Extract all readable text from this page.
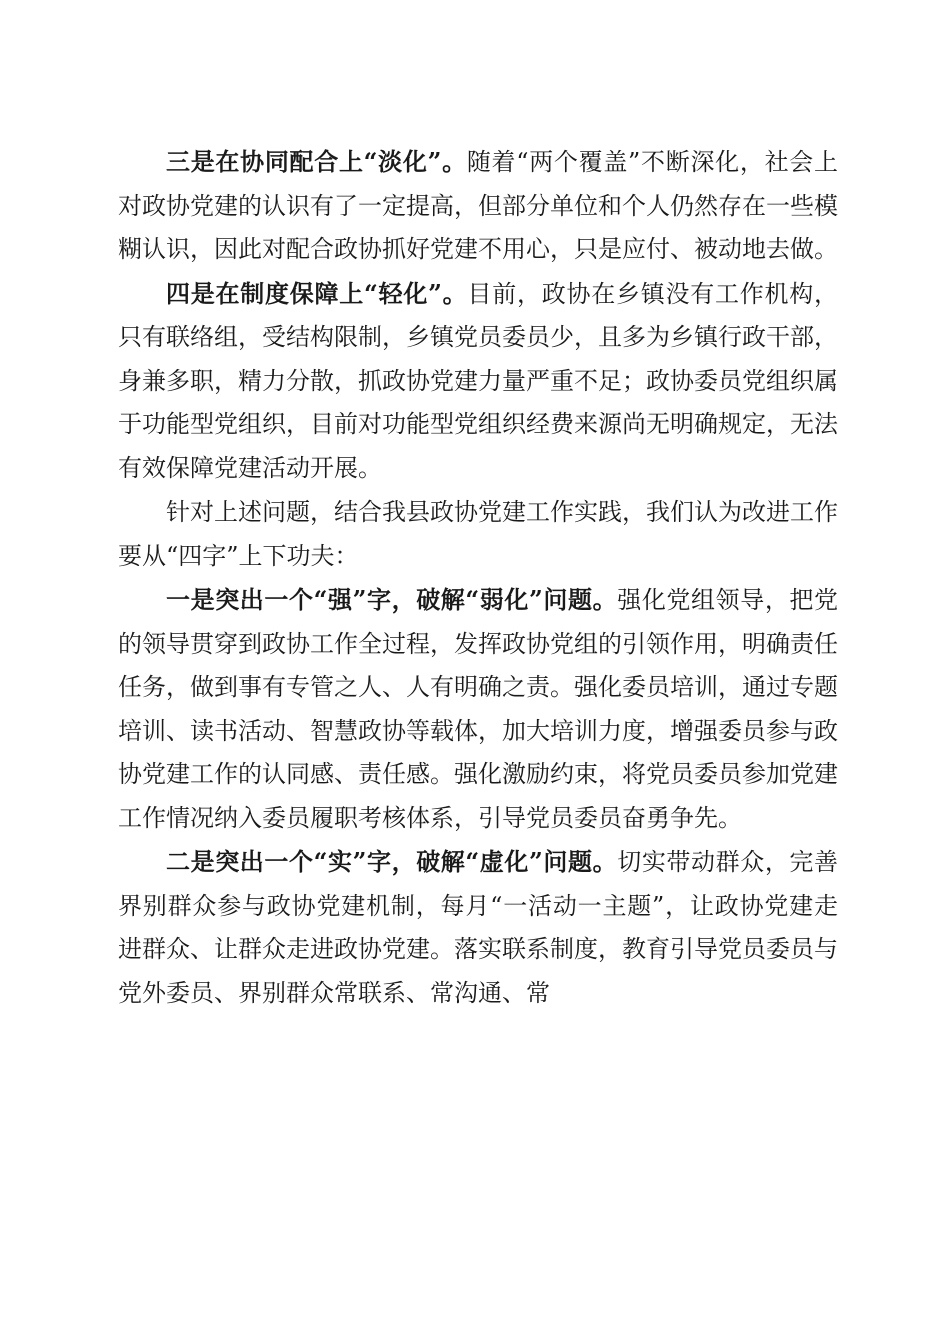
三是在协同配合上“淡化”。随着“两个覆盖”不断深化，社会上对政协党建的认识有了一定提高，但部分单位和个人仍然存在一些模糊认识，因此对配合政协抓好党建不用心，只是应付、被动地去做。

四是在制度保障上“轻化”。目前，政协在乡镇没有工作机构，只有联络组，受结构限制，乡镇党员委员少，且多为乡镇行政干部，身兼多职，精力分散，抓政协党建力量严重不足；政协委员党组织属于功能型党组织，目前对功能型党组织经费来源尚无明确规定，无法有效保障党建活动开展。

针对上述问题，结合我县政协党建工作实践，我们认为改进工作要从“四字”上下功夫：

一是突出一个“强”字，破解“弱化”问题。强化党组领导，把党的领导贯穿到政协工作全过程，发挥政协党组的引领作用，明确责任任务，做到事有专管之人、人有明确之责。强化委员培训，通过专题培训、读书活动、智慧政协等载体，加大培训力度，增强委员参与政协党建工作的认同感、责任感。强化激励约束，将党员委员参加党建工作情况纳入委员履职考核体系，引导党员委员奋勇争先。

二是突出一个“实”字，破解“虚化”问题。切实带动群众，完善界别群众参与政协党建机制，每月“一活动一主题”，让政协党建走进群众、让群众走进政协党建。落实联系制度，教育引导党员委员与党外委员、界别群众常联系、常沟通、常
